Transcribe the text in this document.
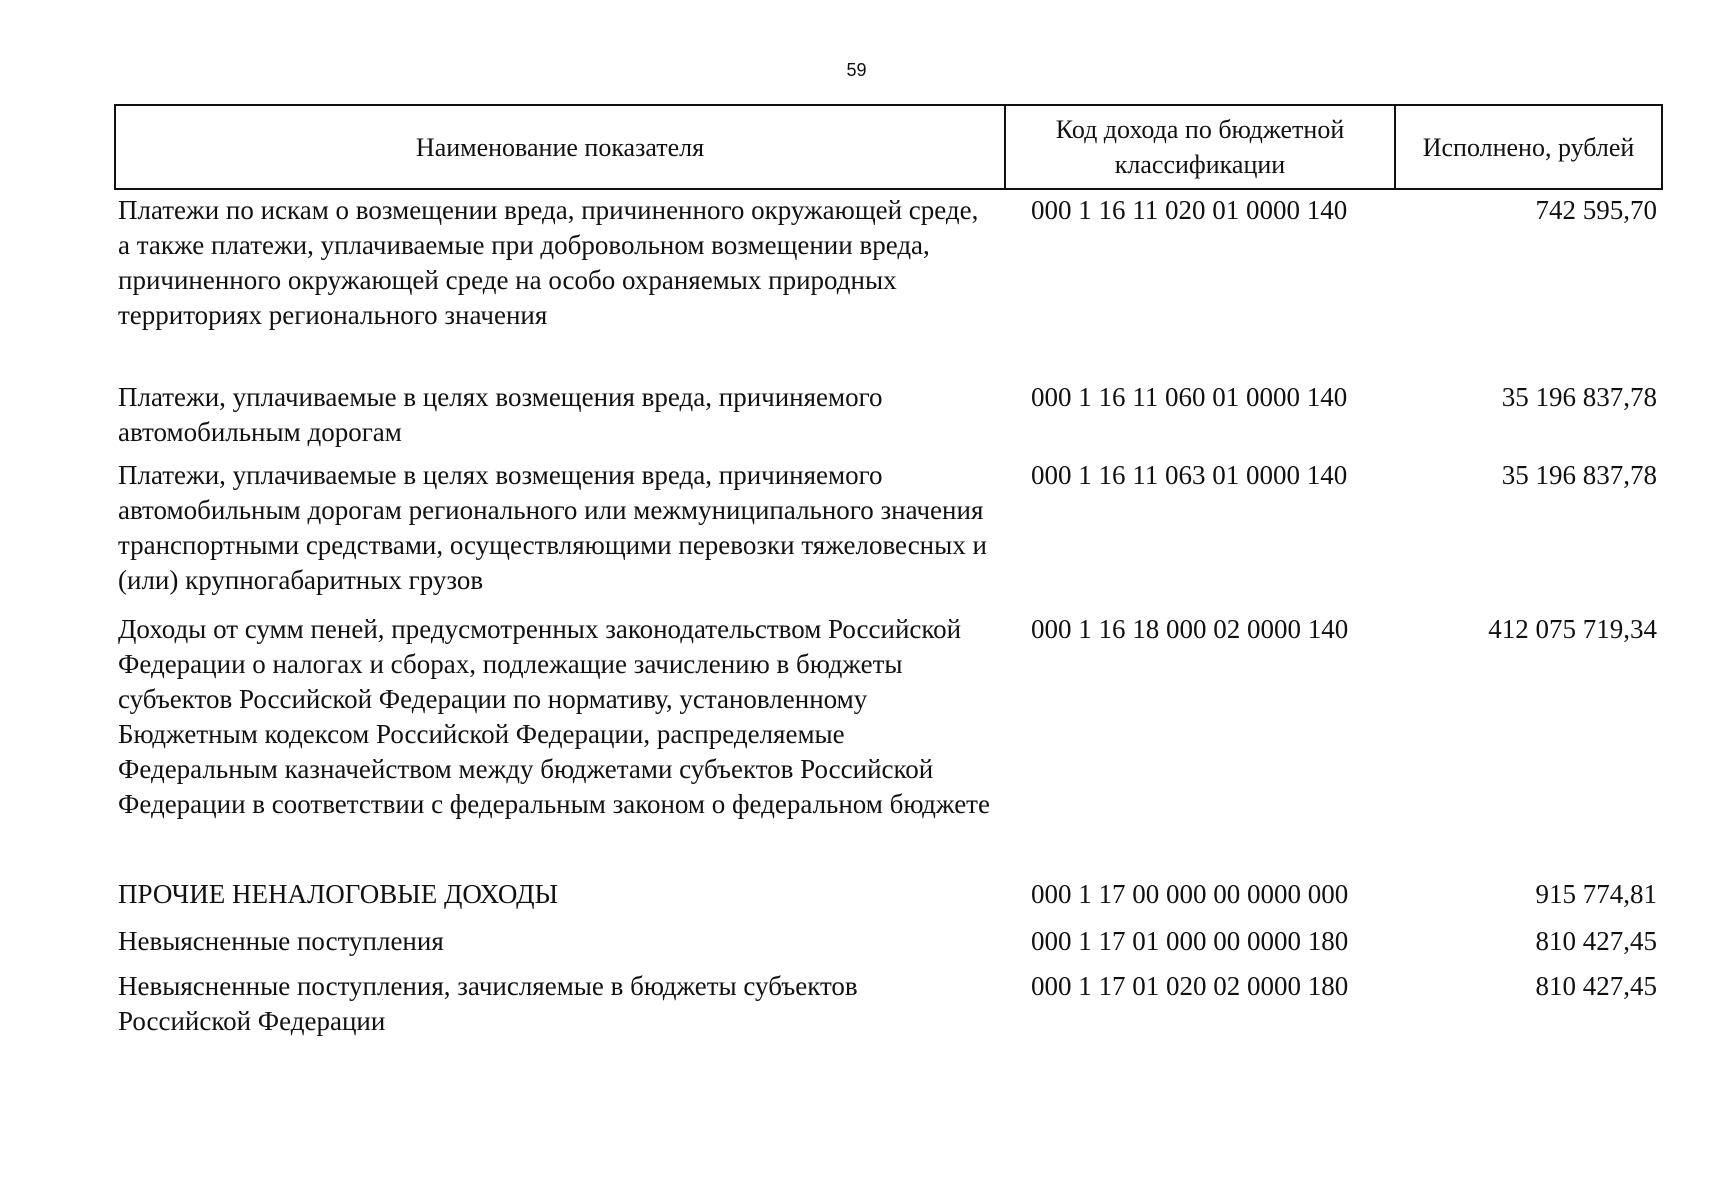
59
Наименование показателя	Код дохода по бюджетной классификации	Исполнено, рублей
Платежи по искам о возмещении вреда, причиненного окружающей среде, а также платежи, уплачиваемые при добровольном возмещении вреда, причиненного окружающей среде на особо охраняемых природных территориях регионального значения	000 1 16 11 020 01 0000 140	742 595,70
Платежи, уплачиваемые в целях возмещения вреда, причиняемого автомобильным дорогам	000 1 16 11 060 01 0000 140	35 196 837,78
Платежи, уплачиваемые в целях возмещения вреда, причиняемого автомобильным дорогам регионального или межмуниципального значения транспортными средствами, осуществляющими перевозки тяжеловесных и (или) крупногабаритных грузов	000 1 16 11 063 01 0000 140	35 196 837,78
Доходы от сумм пеней, предусмотренных законодательством Российской Федерации о налогах и сборах, подлежащие зачислению в бюджеты субъектов Российской Федерации по нормативу, установленному Бюджетным кодексом Российской Федерации, распределяемые Федеральным казначейством между бюджетами субъектов Российской Федерации в соответствии с федеральным законом о федеральном бюджете	000 1 16 18 000 02 0000 140	412 075 719,34
ПРОЧИЕ НЕНАЛОГОВЫЕ ДОХОДЫ	000 1 17 00 000 00 0000 000	915 774,81
Невыясненные поступления	000 1 17 01 000 00 0000 180	810 427,45
Невыясненные поступления, зачисляемые в бюджеты субъектов Российской Федерации	000 1 17 01 020 02 0000 180	810 427,45
